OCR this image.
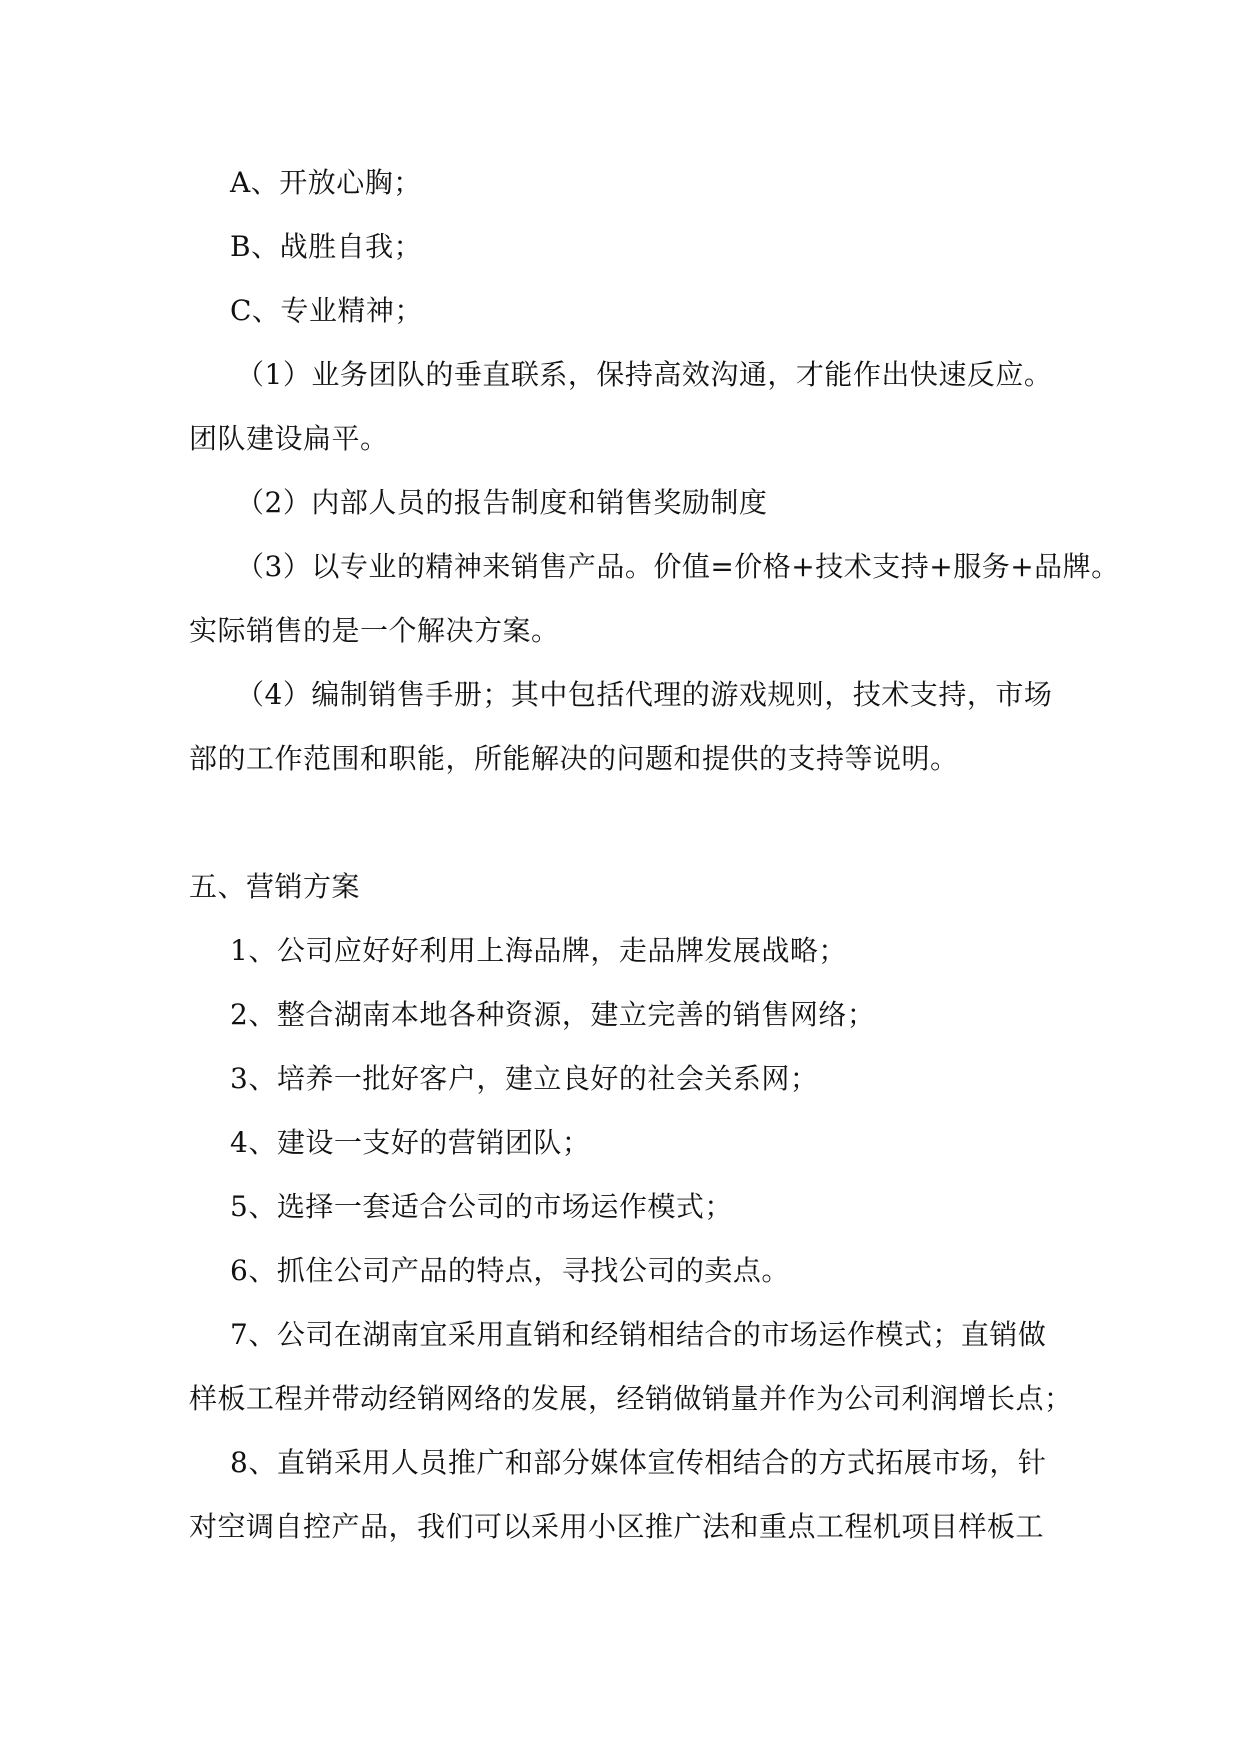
A、开放心胸；
B、战胜自我；
C、专业精神；
（1）业务团队的垂直联系，保持高效沟通，才能作出快速反应。
团队建设扁平。
（2）内部人员的报告制度和销售奖励制度
（3）以专业的精神来销售产品。价值=价格+技术支持+服务+品牌。
实际销售的是一个解决方案。
（4）编制销售手册；其中包括代理的游戏规则，技术支持，市场
部的工作范围和职能，所能解决的问题和提供的支持等说明。
五、营销方案
1、公司应好好利用上海品牌，走品牌发展战略；
2、整合湖南本地各种资源，建立完善的销售网络；
3、培养一批好客户，建立良好的社会关系网；
4、建设一支好的营销团队；
5、选择一套适合公司的市场运作模式；
6、抓住公司产品的特点，寻找公司的卖点。
7、公司在湖南宜采用直销和经销相结合的市场运作模式；直销做
样板工程并带动经销网络的发展，经销做销量并作为公司利润增长点；
8、直销采用人员推广和部分媒体宣传相结合的方式拓展市场，针
对空调自控产品，我们可以采用小区推广法和重点工程机项目样板工
